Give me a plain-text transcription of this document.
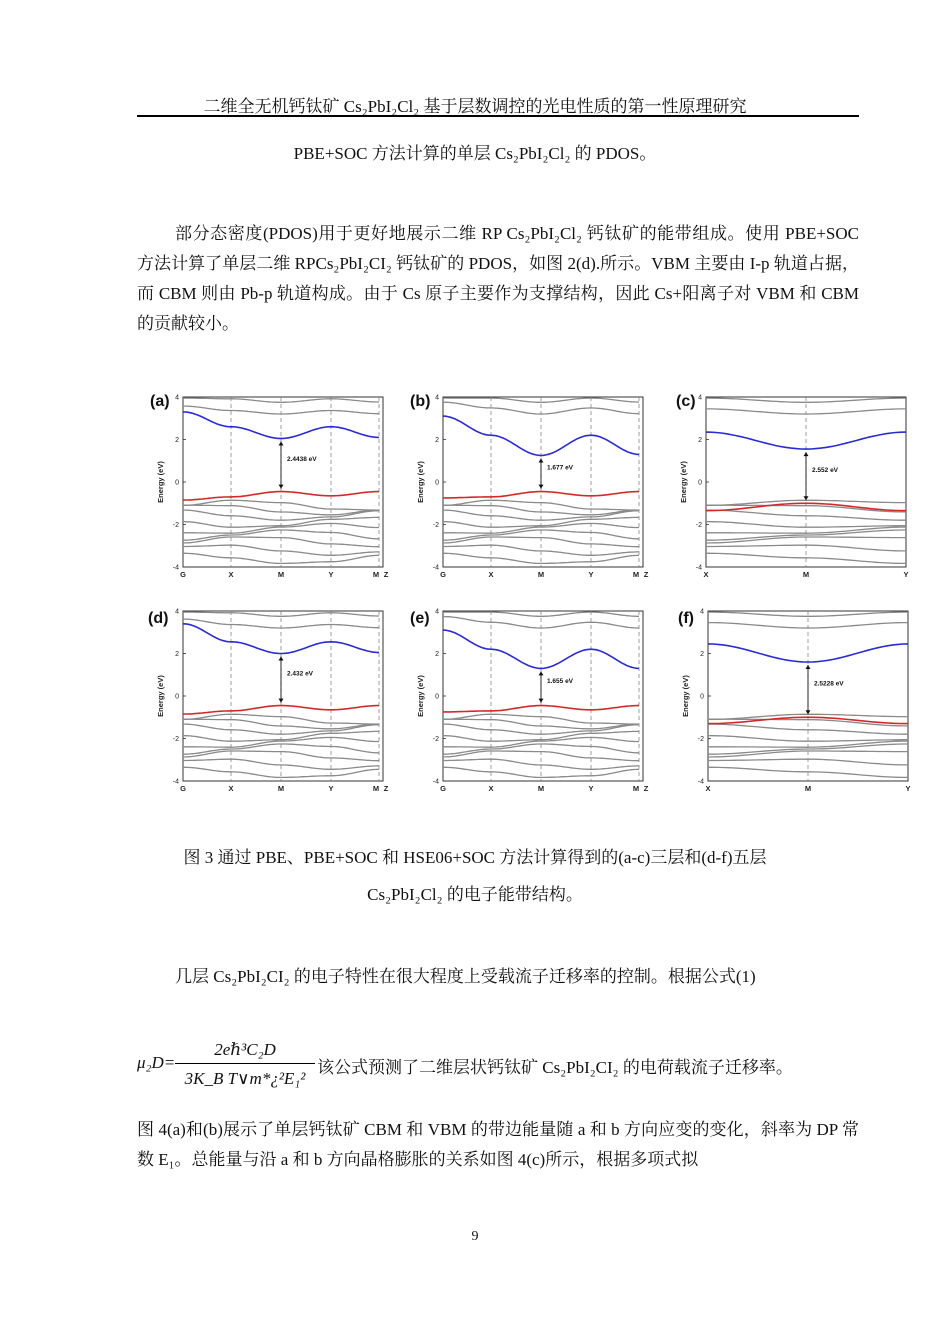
二维全无机钙钛矿 Cs₂PbI₂Cl₂ 基于层数调控的光电性质的第一性原理研究
PBE+SOC 方法计算的单层 Cs₂PbI₂Cl₂ 的 PDOS。

部分态密度(PDOS)用于更好地展示二维 RP Cs₂PbI₂Cl₂ 钙钛矿的能带组成。使用 PBE+SOC 方法计算了单层二维 RPCs₂PbI₂CI₂ 钙钛矿的 PDOS，如图 2(d).所示。VBM 主要由 I-p 轨道占据，而 CBM 则由 Pb-p 轨道构成。由于 Cs 原子主要作为支撑结构，因此 Cs+阳离子对 VBM 和 CBM 的贡献较小。

(a)	(b)	(c)
(d)	(e)	(f)
4
2
0
-2
-4
Energy (eV)
G	X	M	Y	M Z
2.4438 eV
4
2
0
-2
-4
Energy (eV)
G	X	M	Y	M Z
1.677 eV
4
2
0
-2
-4
Energy (eV)
X	M	Y
2.552 eV
4
2
0
-2
-4
Energy (eV)
G	X	M	Y	M Z
2.432 eV
4
2
0
-2
-4
Energy (eV)
G	X	M	Y	M Z
1.655 eV
4
2
0
-2
-4
Energy (eV)
X	M	Y
2.5228 eV
图 3 通过 PBE、PBE+SOC 和 HSE06+SOC 方法计算得到的(a-c)三层和(d-f)五层
Cs₂PbI₂Cl₂ 的电子能带结构。

几层 Cs₂PbI₂CI₂ 的电子特性在很大程度上受载流子迁移率的控制。根据公式(1)

μ₂D=
2eℏ³C₂D
3K_B T∨m*¿²E₁²
该公式预测了二维层状钙钛矿 Cs₂PbI₂CI₂ 的电荷载流子迁移率。

图 4(a)和(b)展示了单层钙钛矿 CBM 和 VBM 的带边能量随 a 和 b 方向应变的变化，斜率为 DP 常数 E₁。总能量与沿 a 和 b 方向晶格膨胀的关系如图 4(c)所示，根据多项式拟

9
